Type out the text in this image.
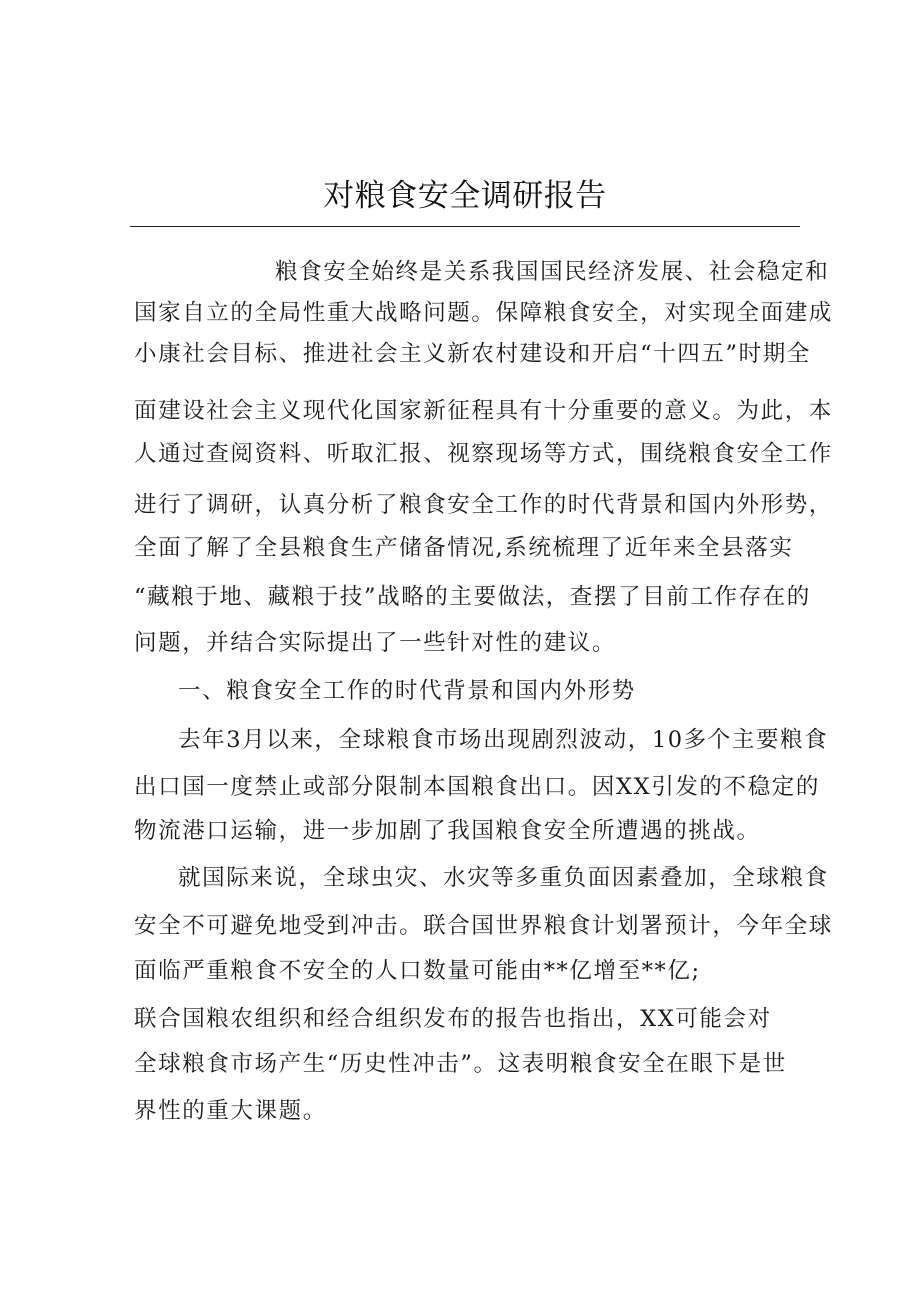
对粮食安全调研报告

粮食安全始终是关系我国国民经济发展、社会稳定和

国家自立的全局性重大战略问题。保障粮食安全，对实现全面建成

小康社会目标、推进社会主义新农村建设和开启“十四五”时期全

面建设社会主义现代化国家新征程具有十分重要的意义。为此，本

人通过查阅资料、听取汇报、视察现场等方式，围绕粮食安全工作

进行了调研，认真分析了粮食安全工作的时代背景和国内外形势，

全面了解了全县粮食生产储备情况,系统梳理了近年来全县落实

“藏粮于地、藏粮于技”战略的主要做法，查摆了目前工作存在的

问题，并结合实际提出了一些针对性的建议。

一、粮食安全工作的时代背景和国内外形势

去年3月以来，全球粮食市场出现剧烈波动，10多个主要粮食

出口国一度禁止或部分限制本国粮食出口。因XX引发的不稳定的

物流港口运输，进一步加剧了我国粮食安全所遭遇的挑战。

就国际来说，全球虫灾、水灾等多重负面因素叠加，全球粮食

安全不可避免地受到冲击。联合国世界粮食计划署预计，今年全球

面临严重粮食不安全的人口数量可能由**亿增至**亿;

联合国粮农组织和经合组织发布的报告也指出，XX可能会对

全球粮食市场产生“历史性冲击”。这表明粮食安全在眼下是世

界性的重大课题。
